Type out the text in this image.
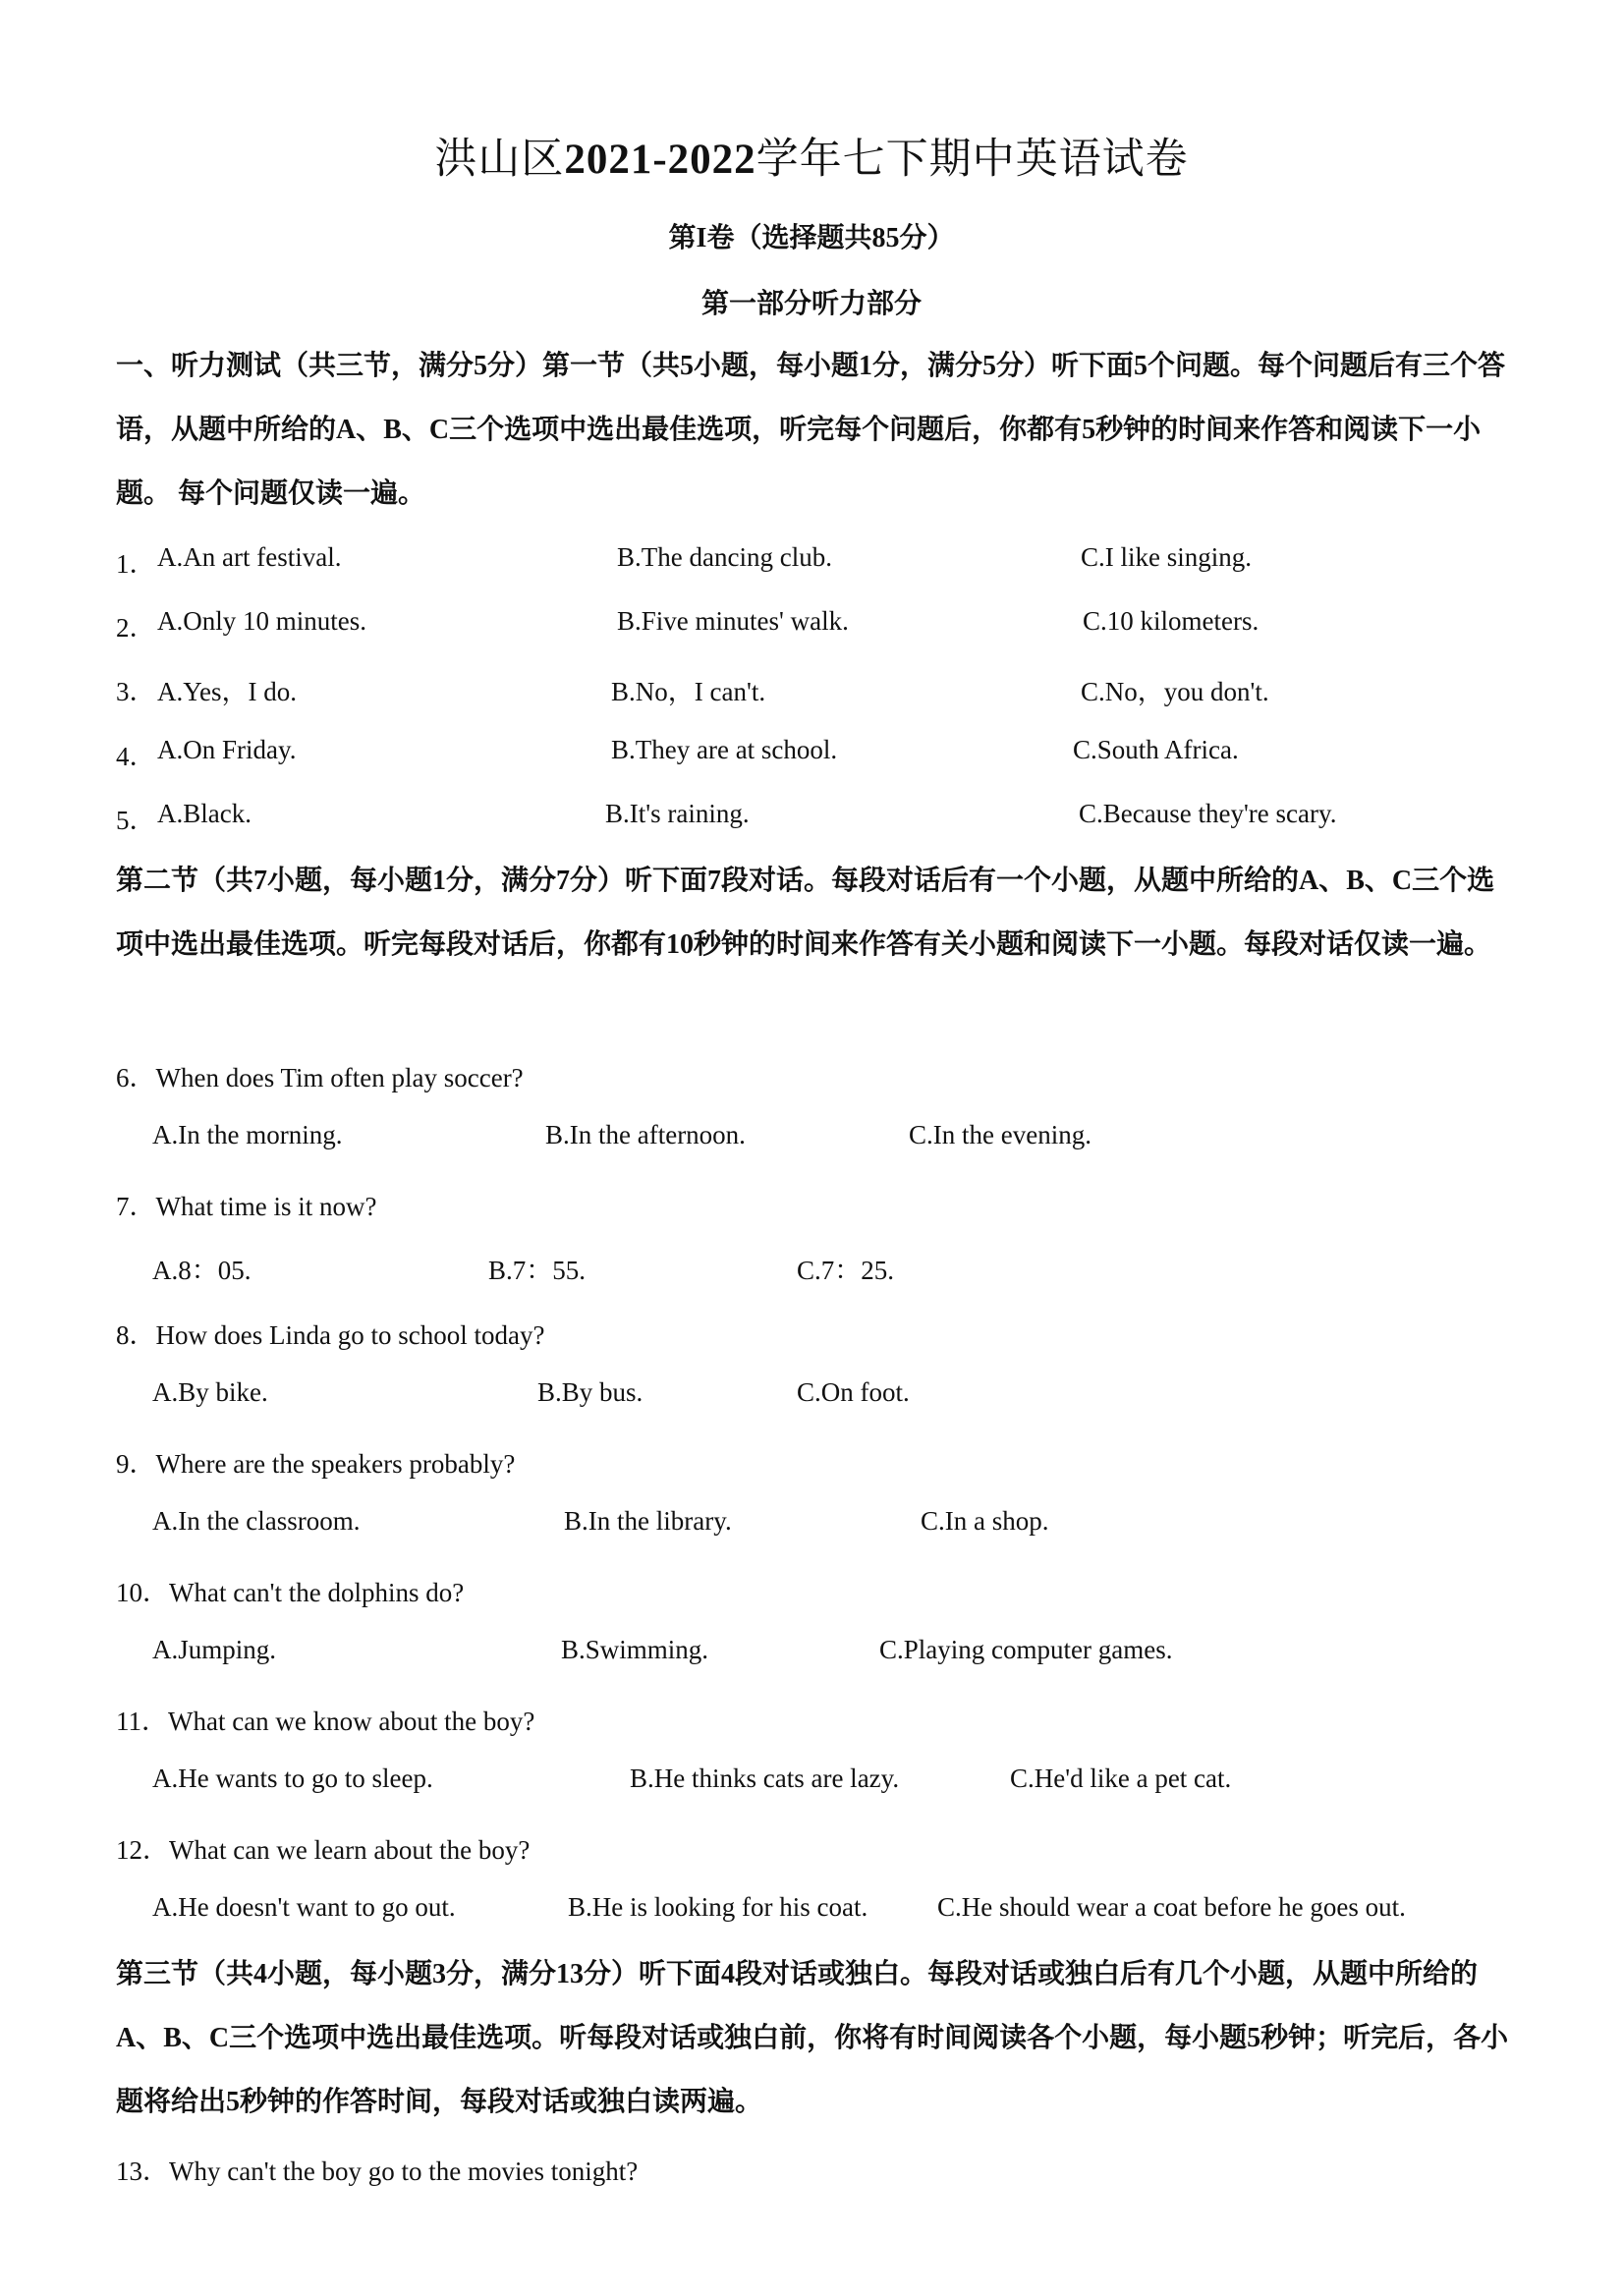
洪山区2021-2022学年七下期中英语试卷
第I卷（选择题共85分）
第一部分听力部分
一、听力测试（共三节，满分5分）第一节（共5小题，每小题1分，满分5分）听下面5个问题。每个问题后有三个答语，从题中所给的A、B、C三个选项中选出最佳选项，听完每个问题后，你都有5秒钟的时间来作答和阅读下一小题。 每个问题仅读一遍。
1． A.An art festival.	B.The dancing club.	C.I like singing.
2． A.Only 10 minutes.	B.Five minutes' walk.	C.10 kilometers.
3． A.Yes，I do.	B.No，I can't.	C.No，you don't.
4． A.On Friday.	B.They are at school.	C.South Africa.
5． A.Black.	B.It's raining.	C.Because they're scary.
第二节（共7小题，每小题1分，满分7分）听下面7段对话。每段对话后有一个小题，从题中所给的A、B、C三个选项中选出最佳选项。听完每段对话后，你都有10秒钟的时间来作答有关小题和阅读下一小题。每段对话仅读一遍。
6．When does Tim often play soccer?
A.In the morning.	B.In the afternoon.	C.In the evening.
7．What time is it now?
A.8：05.	B.7：55.	C.7：25.
8．How does Linda go to school today?
A.By bike.	B.By bus.	C.On foot.
9．Where are the speakers probably?
A.In the classroom.	B.In the library.	C.In a shop.
10．What can't the dolphins do?
A.Jumping.	B.Swimming.	C.Playing computer games.
11．What can we know about the boy?
A.He wants to go to sleep.	B.He thinks cats are lazy.	C.He'd like a pet cat.
12．What can we learn about the boy?
A.He doesn't want to go out.	B.He is looking for his coat.	C.He should wear a coat before he goes out.
第三节（共4小题，每小题3分，满分13分）听下面4段对话或独白。每段对话或独白后有几个小题，从题中所给的A、B、C三个选项中选出最佳选项。听每段对话或独白前，你将有时间阅读各个小题，每小题5秒钟；听完后，各小题将给出5秒钟的作答时间，每段对话或独白读两遍。
13．Why can't the boy go to the movies tonight?
